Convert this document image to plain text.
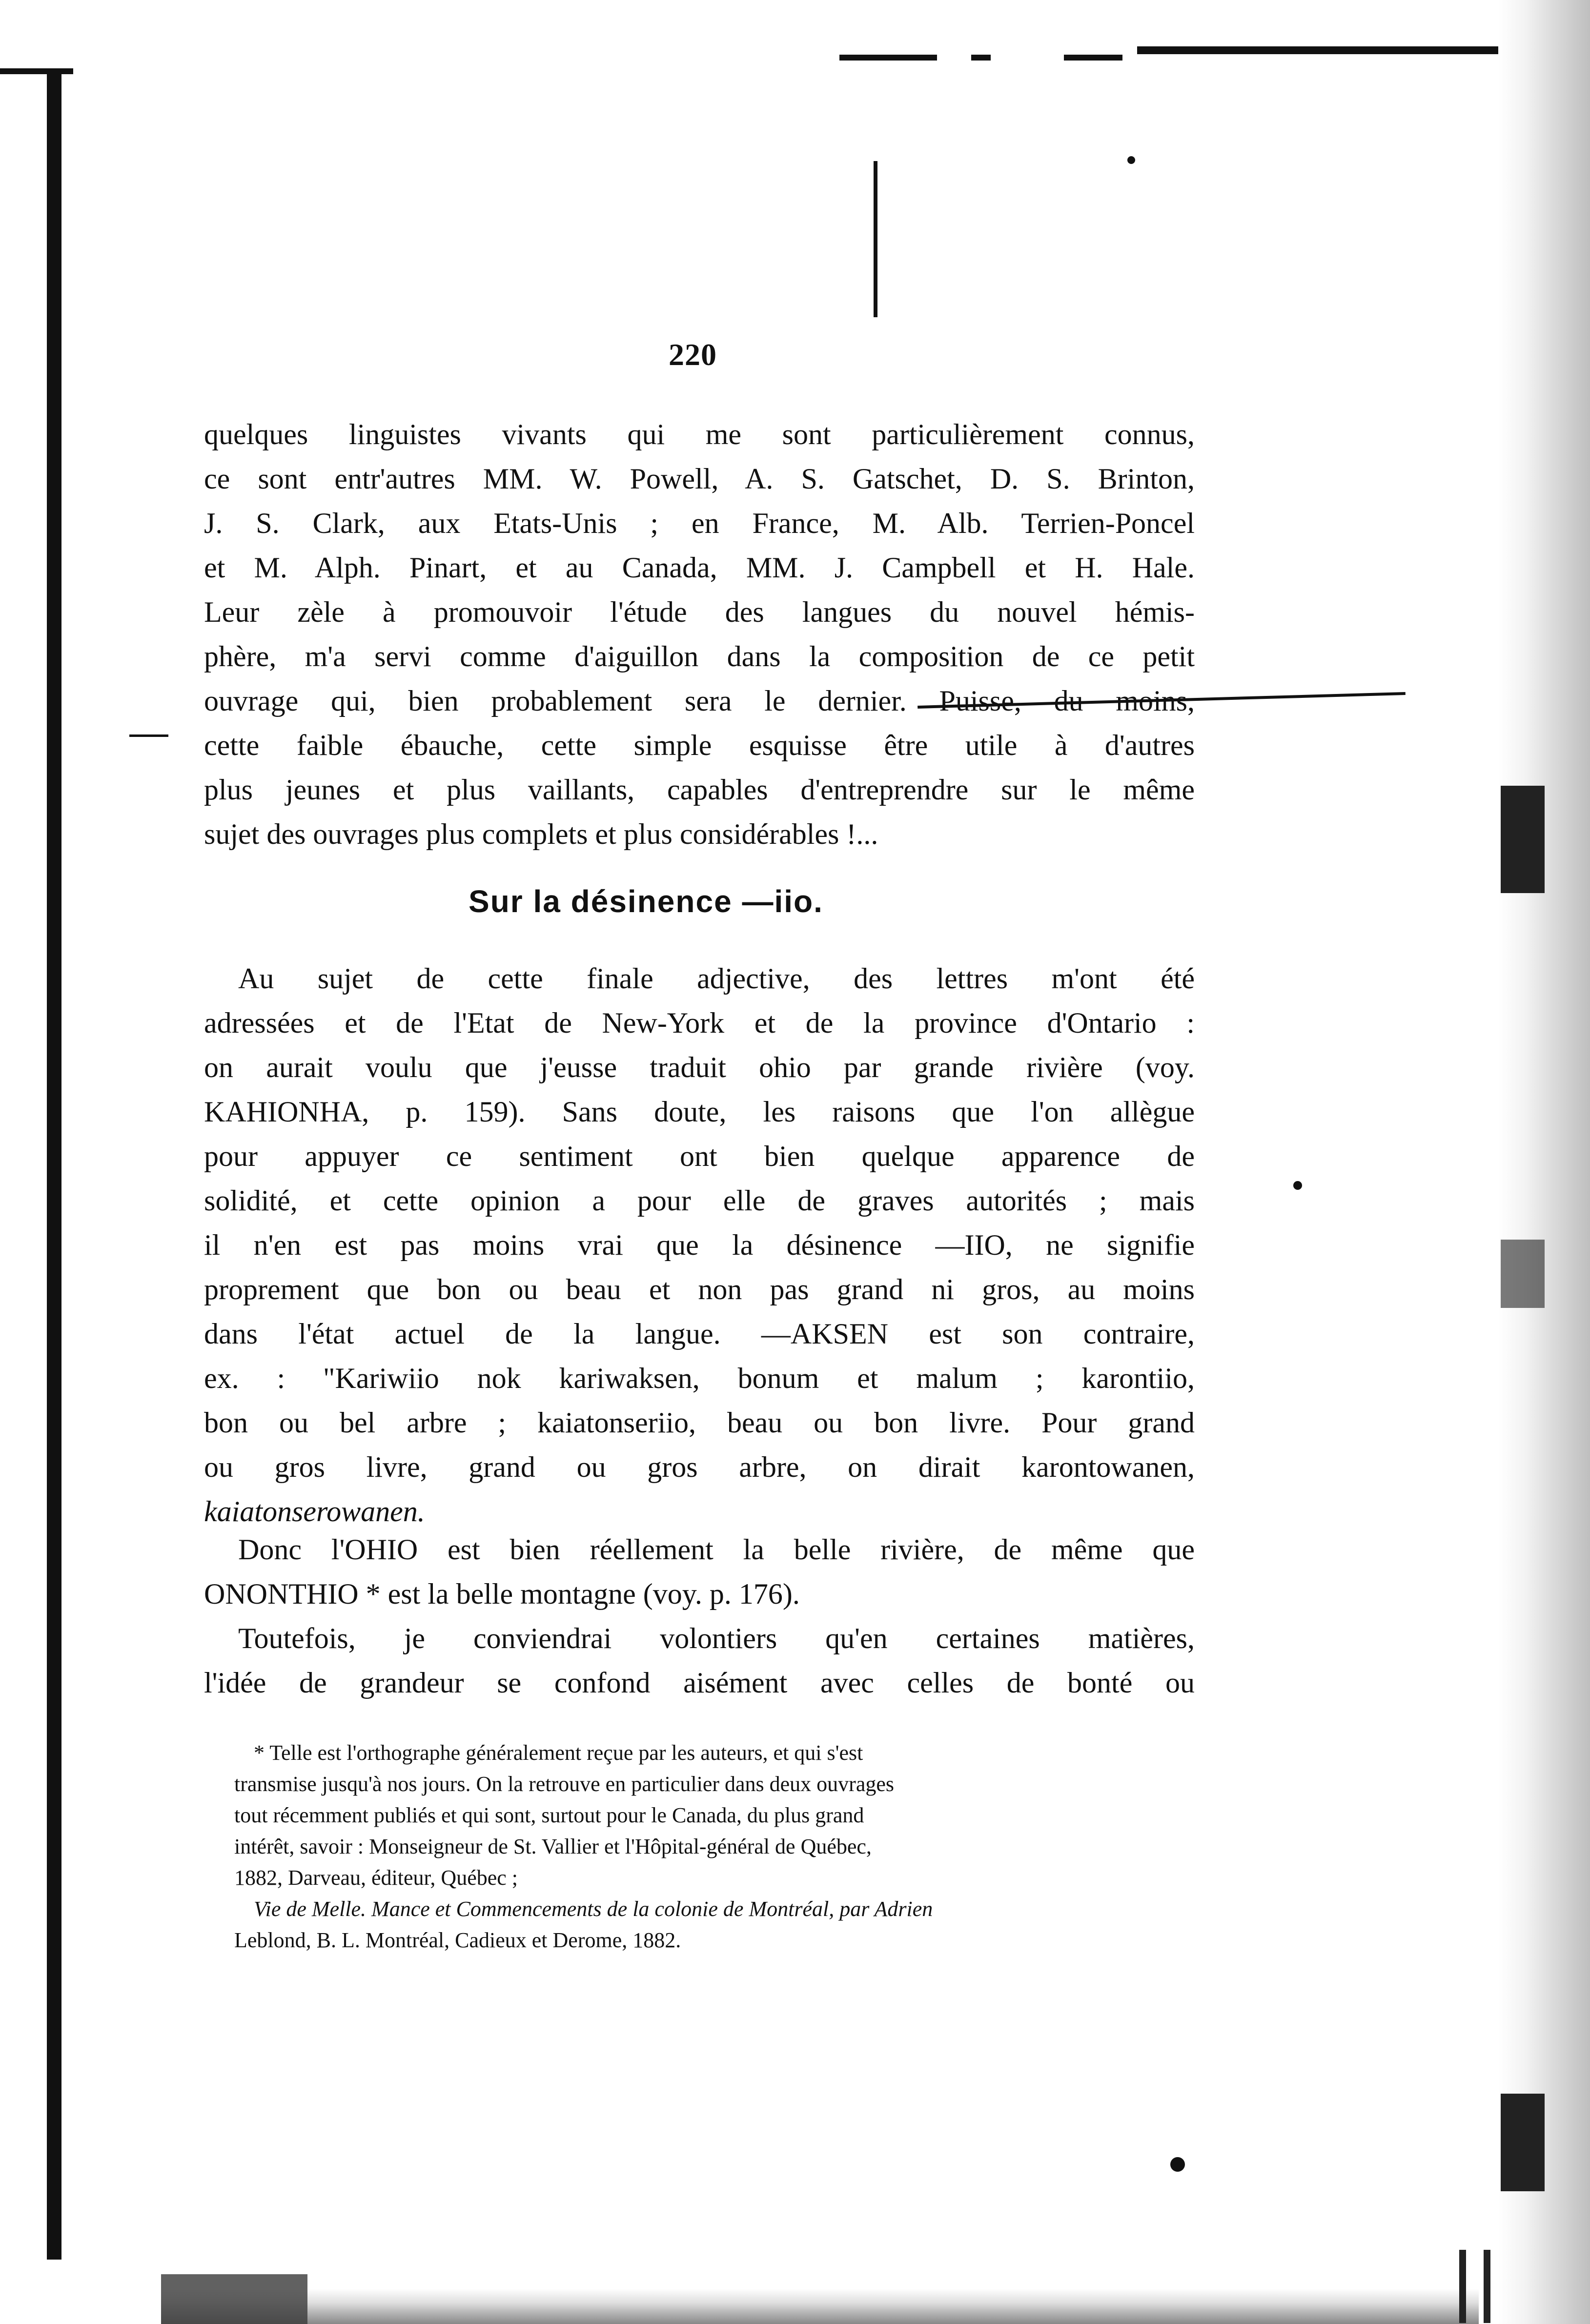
220
quelques linguistes vivants qui me sont particulièrement connus,
ce sont entr'autres MM. W. Powell, A. S. Gatschet, D. S. Brinton,
J. S. Clark, aux Etats-Unis ; en France, M. Alb. Terrien-Poncel
et M. Alph. Pinart, et au Canada, MM. J. Campbell et H. Hale.
Leur zèle à promouvoir l'étude des langues du nouvel hémis-
phère, m'a servi comme d'aiguillon dans la composition de ce petit
ouvrage qui, bien probablement sera le dernier. Puisse, du moins,
cette faible ébauche, cette simple esquisse être utile à d'autres
plus jeunes et plus vaillants, capables d'entreprendre sur le même
sujet des ouvrages plus complets et plus considérables !...
Sur la désinence —iio.
Au sujet de cette finale adjective, des lettres m'ont été
adressées et de l'Etat de New-York et de la province d'Ontario :
on aurait voulu que j'eusse traduit ohio par grande rivière (voy.
KAHIONHA, p. 159). Sans doute, les raisons que l'on allègue
pour appuyer ce sentiment ont bien quelque apparence de
solidité, et cette opinion a pour elle de graves autorités ; mais
il n'en est pas moins vrai que la désinence —IIO, ne signifie
proprement que bon ou beau et non pas grand ni gros, au moins
dans l'état actuel de la langue. —AKSEN est son contraire,
ex. : "Kariwiio nok kariwaksen, bonum et malum ; karontiio,
bon ou bel arbre ; kaiatonseriio, beau ou bon livre. Pour grand
ou gros livre, grand ou gros arbre, on dirait karontowanen,
kaiatonserowanen.
Donc l'OHIO est bien réellement la belle rivière, de même que
ONONTHIO * est la belle montagne (voy. p. 176).
Toutefois, je conviendrai volontiers qu'en certaines matières,
l'idée de grandeur se confond aisément avec celles de bonté ou
* Telle est l'orthographe généralement reçue par les auteurs, et qui s'est
transmise jusqu'à nos jours. On la retrouve en particulier dans deux ouvrages
tout récemment publiés et qui sont, surtout pour le Canada, du plus grand
intérêt, savoir : Monseigneur de St. Vallier et l'Hôpital-général de Québec,
1882, Darveau, éditeur, Québec ;
Vie de Melle. Mance et Commencements de la colonie de Montréal, par Adrien
Leblond, B. L. Montréal, Cadieux et Derome, 1882.
